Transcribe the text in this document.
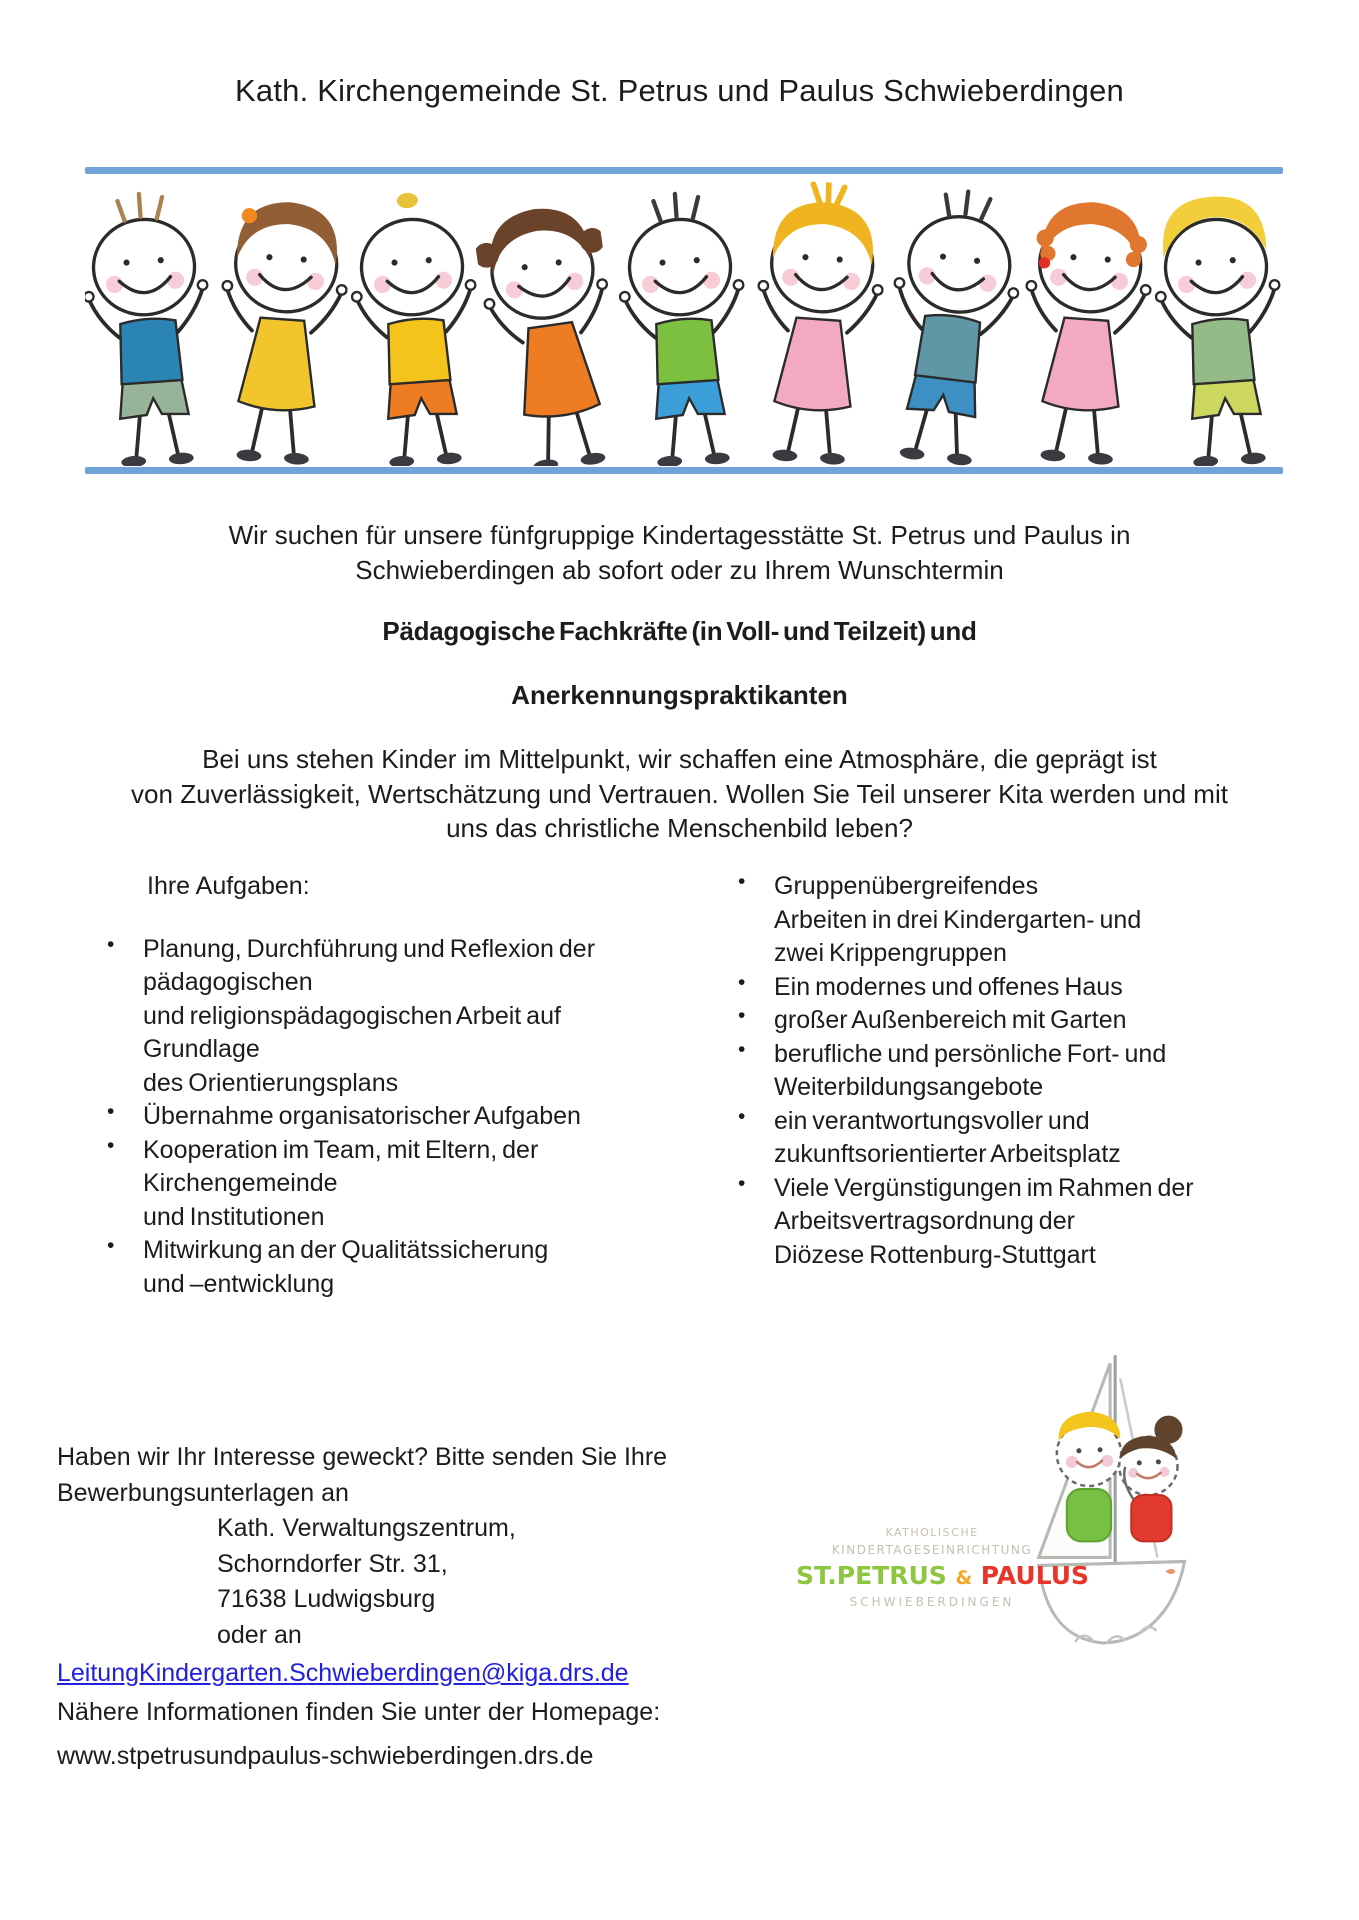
Kath. Kirchengemeinde St. Petrus und Paulus Schwieberdingen
Wir suchen für unsere fünfgruppige Kindertagesstätte St. Petrus und Paulus in
Schwieberdingen ab sofort oder zu Ihrem Wunschtermin
Pädagogische Fachkräfte (in Voll- und Teilzeit) und
Anerkennungspraktikanten
Bei uns stehen Kinder im Mittelpunkt, wir schaffen eine Atmosphäre, die geprägt ist
von Zuverlässigkeit, Wertschätzung und Vertrauen. Wollen Sie Teil unserer Kita werden und mit
uns das christliche Menschenbild leben?
Ihre Aufgaben:
• Planung, Durchführung und Reflexion der
pädagogischen
und religionspädagogischen Arbeit auf
Grundlage
des Orientierungsplans
• Übernahme organisatorischer Aufgaben
• Kooperation im Team, mit Eltern, der
Kirchengemeinde
und Institutionen
• Mitwirkung an der Qualitätssicherung
und –entwicklung
• Gruppenübergreifendes
Arbeiten in drei Kindergarten- und
zwei Krippengruppen
• Ein modernes und offenes Haus
• großer Außenbereich mit Garten
• berufliche und persönliche Fort- und
Weiterbildungsangebote
• ein verantwortungsvoller und
zukunftsorientierter Arbeitsplatz
• Viele Vergünstigungen im Rahmen der
Arbeitsvertragsordnung der
Diözese Rottenburg-Stuttgart
Haben wir Ihr Interesse geweckt? Bitte senden Sie Ihre
Bewerbungsunterlagen an
Kath. Verwaltungszentrum,
Schorndorfer Str. 31,
71638 Ludwigsburg
oder an
LeitungKindergarten.Schwieberdingen@kiga.drs.de
Nähere Informationen finden Sie unter der Homepage:
www.stpetrusundpaulus-schwieberdingen.drs.de
KATHOLISCHE
KINDERTAGESEINRICHTUNG
ST.PETRUS & PAULUS
SCHWIEBERDINGEN
